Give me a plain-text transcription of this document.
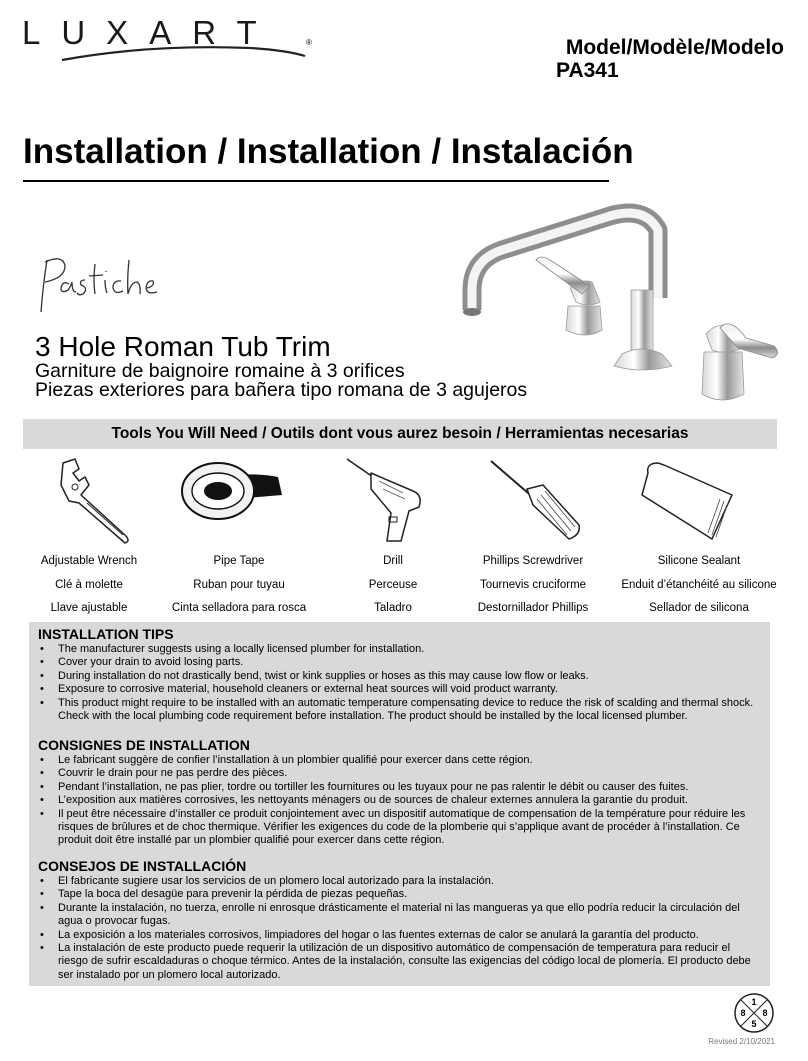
LUXART	®	Model/Modèle/Modelo
PA341
Installation / Installation / Instalación
3 Hole Roman Tub Trim
Garniture de baignoire romaine à 3 orifices
Piezas exteriores para bañera tipo romana de 3 agujeros
Tools You Will Need / Outils dont vous aurez besoin / Herramientas necesarias
Adjustable Wrench
Clé à molette
Llave ajustable
Pipe Tape
Ruban pour tuyau
Cinta selladora para rosca
Drill
Perceuse
Taladro
Phillips Screwdriver
Tournevis cruciforme
Destornillador Phillips
Silicone Sealant
Enduit d’étanchéité au silicone
Sellador de silicona
INSTALLATION TIPS
• The manufacturer suggests using a locally licensed plumber for installation.
• Cover your drain to avoid losing parts.
• During installation do not drastically bend, twist or kink supplies or hoses as this may cause low flow or leaks.
• Exposure to corrosive material, household cleaners or external heat sources will void product warranty.
• This product might require to be installed with an automatic temperature compensating device to reduce the risk of scalding and thermal shock. Check with the local plumbing code requirement before installation. The product should be installed by the local licensed plumber.
CONSIGNES DE INSTALLATION
• Le fabricant suggère de confier l’installation à un plombier qualifié pour exercer dans cette région.
• Couvrir le drain pour ne pas perdre des pièces.
• Pendant l’installation, ne pas plier, tordre ou tortiller les fournitures ou les tuyaux pour ne pas ralentir le débit ou causer des fuites.
• L’exposition aux matières corrosives, les nettoyants ménagers ou de sources de chaleur externes annulera la garantie du produit.
• Il peut être nécessaire d’installer ce produit conjointement avec un dispositif automatique de compensation de la température pour réduire les risques de brûlures et de choc thermique. Vérifier les exigences du code de la plomberie qui s’applique avant de procéder à l’installation. Ce produit doit être installé par un plombier qualifié pour exercer dans cette région.
CONSEJOS DE INSTALLACIÓN
• El fabricante sugiere usar los servicios de un plomero local autorizado para la instalación.
• Tape la boca del desagüe para prevenir la pérdida de piezas pequeñas.
• Durante la instalación, no tuerza, enrolle ni enrosque drásticamente el material ni las mangueras ya que ello podría reducir la circulación del agua o provocar fugas.
• La exposición a los materiales corrosivos, limpiadores del hogar o las fuentes externas de calor se anulará la garantía del producto.
• La instalación de este producto puede requerir la utilización de un dispositivo automático de compensación de temperatura para reducir el riesgo de sufrir escaldaduras o choque térmico. Antes de la instalación, consulte las exigencias del código local de plomería. El producto debe ser instalado por un plomero local autorizado.
1
8 8
5
Revised 2/10/2021
